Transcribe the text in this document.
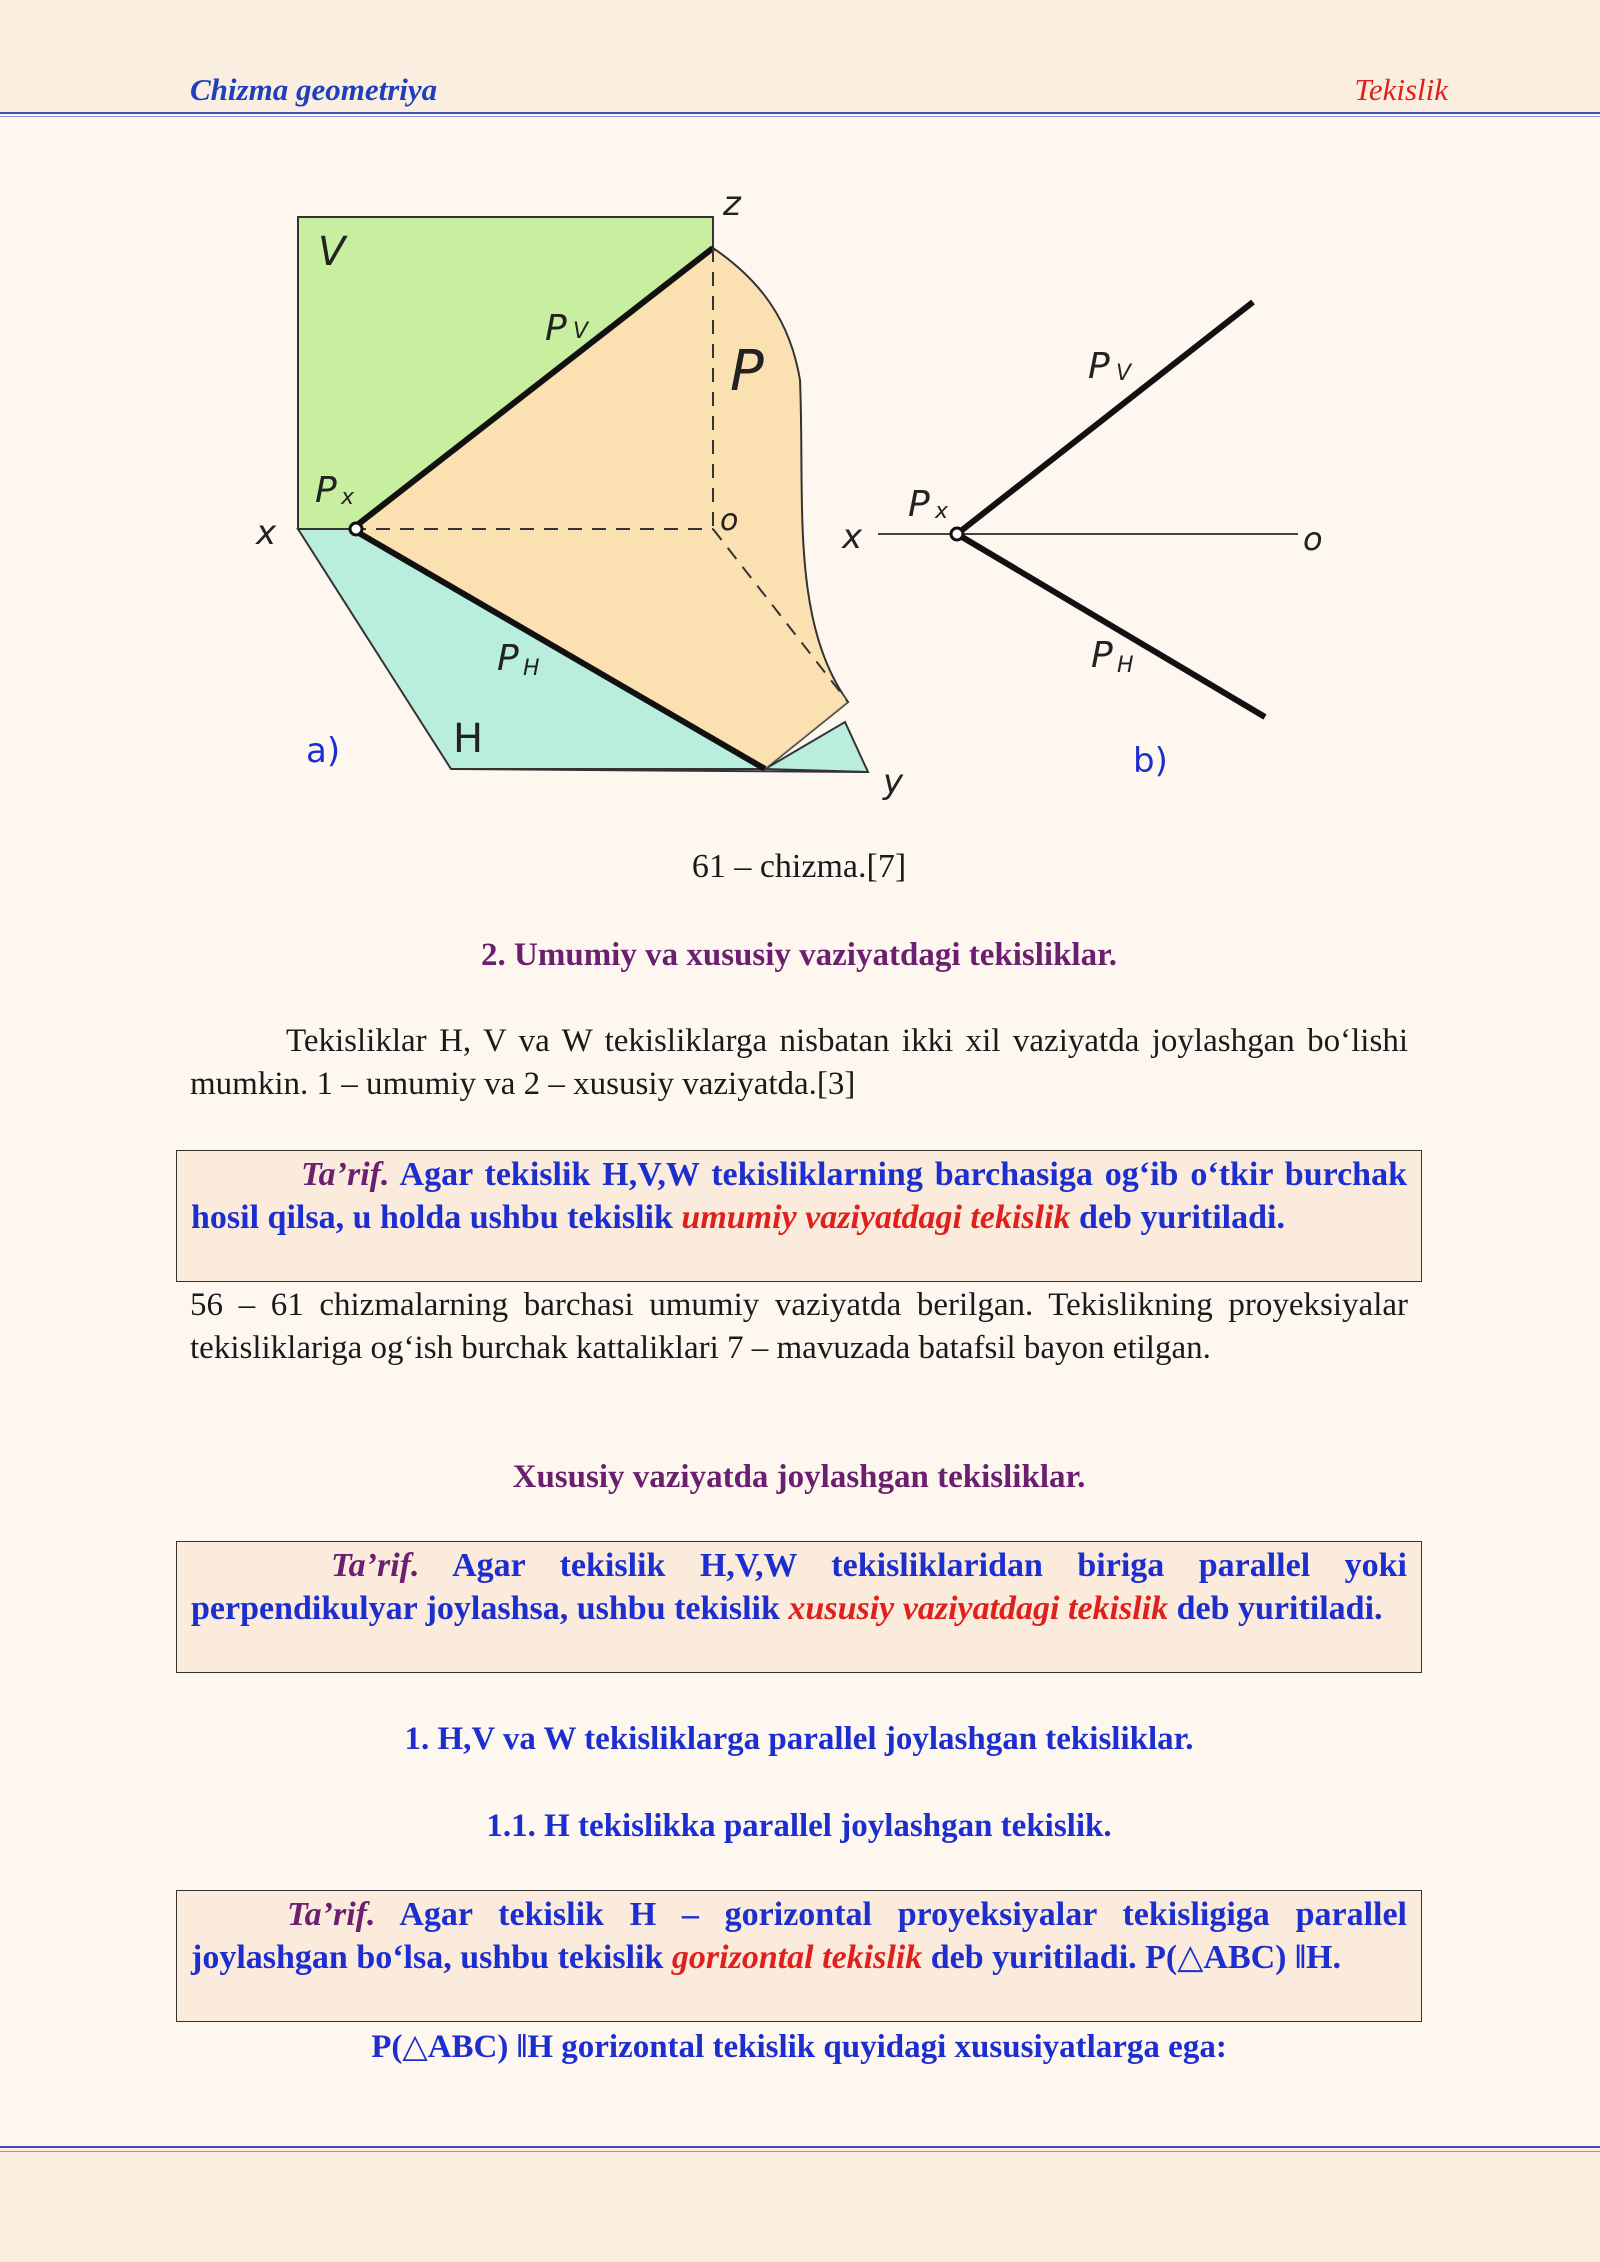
Chizma geometriya	Tekislik
V
z
P
P V
P x
x	o
P H
H
y
a)
P V
P x
x	o
P H
b)
61 – chizma.[7]
2. Umumiy va xususiy vaziyatdagi tekisliklar.
Tekisliklar H, V va W tekisliklarga nisbatan ikki xil vaziyatda joylashgan bo‘lishi mumkin. 1 – umumiy va 2 – xususiy vaziyatda.[3]
Ta’rif. Agar tekislik H,V,W tekisliklarning barchasiga og‘ib o‘tkir burchak hosil qilsa, u holda ushbu tekislik umumiy vaziyatdagi tekislik deb yuritiladi.
56 – 61 chizmalarning barchasi umumiy vaziyatda berilgan. Tekislikning proyeksiyalar tekisliklariga og‘ish burchak kattaliklari 7 – mavuzada batafsil bayon etilgan.
Xususiy vaziyatda joylashgan tekisliklar.
Ta’rif. Agar tekislik H,V,W tekisliklaridan biriga parallel yoki perpendikulyar joylashsa, ushbu tekislik xususiy vaziyatdagi tekislik deb yuritiladi.
1. H,V va W tekisliklarga parallel joylashgan tekisliklar.
1.1. H tekislikka parallel joylashgan tekislik.
Ta’rif. Agar tekislik H – gorizontal proyeksiyalar tekisligiga parallel joylashgan bo‘lsa, ushbu tekislik gorizontal tekislik deb yuritiladi. P(△ABC) ǁH.
P(△ABC) ǁH gorizontal tekislik quyidagi xususiyatlarga ega:
